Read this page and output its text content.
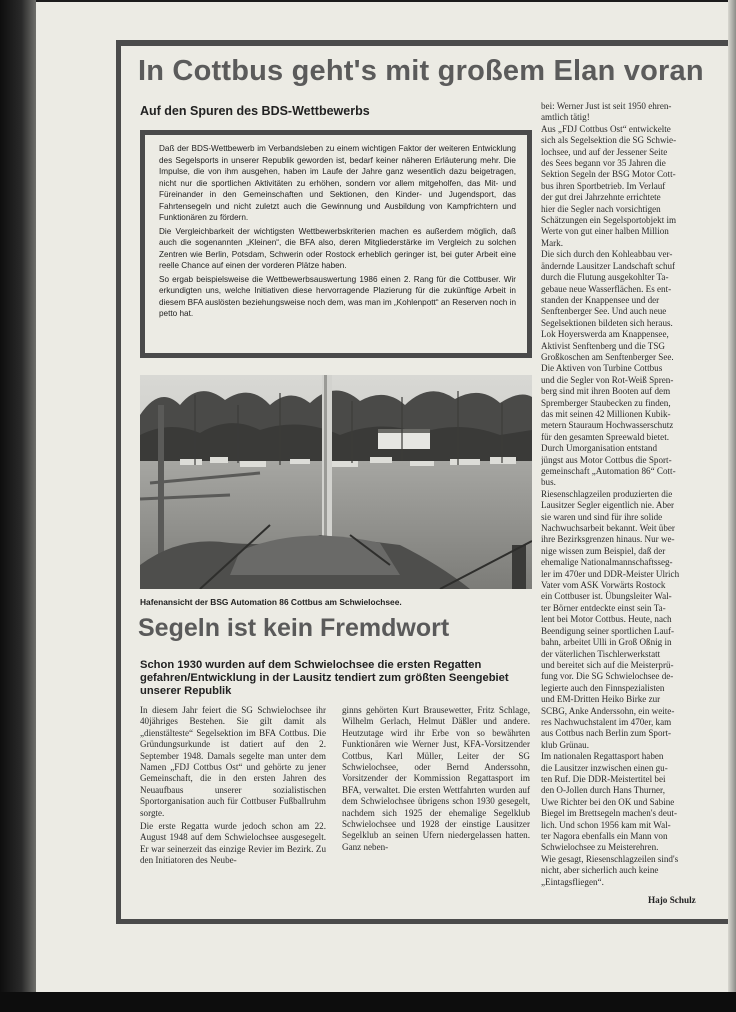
In Cottbus geht's mit großem Elan voran
Auf den Spuren des BDS-Wettbewerbs

Daß der BDS-Wettbewerb im Verbandsleben zu einem wichtigen Faktor der weiteren Entwicklung des Segelsports in unserer Republik geworden ist, bedarf keiner näheren Erläuterung mehr. Die Impulse, die von ihm ausgehen, haben im Laufe der Jahre ganz wesentlich dazu beigetragen, nicht nur die sportlichen Aktivitäten zu erhöhen, sondern vor allem mitgeholfen, das Mit- und Füreinander in den Gemeinschaften und Sektionen, den Kinder- und Jugendsport, das Fahrtensegeln und nicht zuletzt auch die Gewinnung und Ausbildung von Kampfrichtern und Funktionären zu fördern.

Die Vergleichbarkeit der wichtigsten Wettbewerbskriterien machen es außerdem möglich, daß auch die sogenannten „Kleinen“, die BFA also, deren Mitgliederstärke im Vergleich zu solchen Zentren wie Berlin, Potsdam, Schwerin oder Rostock erheblich geringer ist, bei guter Arbeit eine reelle Chance auf einen der vorderen Plätze haben.

So ergab beispielsweise die Wettbewerbsauswertung 1986 einen 2. Rang für die Cottbuser. Wir erkundigten uns, welche Initiativen diese hervorragende Plazierung für die zukünftige Arbeit in diesem BFA auslösten beziehungsweise noch dem, was man im „Kohlenpott“ an Reserven noch in petto hat.

Hafenansicht der BSG Automation 86 Cottbus am Schwielochsee.
Segeln ist kein Fremdwort
Schon 1930 wurden auf dem Schwielochsee die ersten Regatten gefahren/Entwicklung in der Lausitz tendiert zum größten Seengebiet unserer Republik

In diesem Jahr feiert die SG Schwielochsee ihr 40jähriges Bestehen. Sie gilt damit als „dienstälteste“ Segelsektion im BFA Cottbus. Die Gründungsurkunde ist datiert auf den 2. September 1948. Damals segelte man unter dem Namen „FDJ Cottbus Ost“ und gehörte zu jener Gemeinschaft, die in den ersten Jahren des Neuaufbaus unserer sozialistischen Sportorganisation auch für Cottbuser Fußballruhm sorgte.

Die erste Regatta wurde jedoch schon am 22. August 1948 auf dem Schwielochsee ausgesegelt. Er war seinerzeit das einzige Revier im Bezirk. Zu den Initiatoren des Neube-

ginns gehörten Kurt Brausewetter, Fritz Schlage, Wilhelm Gerlach, Helmut Däßler und andere. Heutzutage wird ihr Erbe von so bewährten Funktionären wie Werner Just, KFA-Vorsitzender Cottbus, Karl Müller, Leiter der SG Schwielochsee, oder Bernd Anderssohn, Vorsitzender der Kommission Regattasport im BFA, verwaltet. Die ersten Wettfahrten wurden auf dem Schwielochsee übrigens schon 1930 gesegelt, nachdem sich 1925 der ehemalige Segelklub Schwielochsee und 1928 der einstige Lausitzer Segelklub an seinen Ufern niedergelassen hatten. Ganz neben-

bei: Werner Just ist seit 1950 ehren-
amtlich tätig!
Aus „FDJ Cottbus Ost“ entwickelte
sich als Segelsektion die SG Schwie-
lochsee, und auf der Jessener Seite
des Sees begann vor 35 Jahren die
Sektion Segeln der BSG Motor Cott-
bus ihren Sportbetrieb. Im Verlauf
der gut drei Jahrzehnte errichtete
hier die Segler nach vorsichtigen
Schätzungen ein Segelsportobjekt im
Werte von gut einer halben Million
Mark.
Die sich durch den Kohleabbau ver-
ändernde Lausitzer Landschaft schuf
durch die Flutung ausgekohlter Ta-
gebaue neue Wasserflächen. Es ent-
standen der Knappensee und der
Senftenberger See. Und auch neue
Segelsektionen bildeten sich heraus.
Lok Hoyerswerda am Knappensee,
Aktivist Senftenberg und die TSG
Großkoschen am Senftenberger See.
Die Aktiven von Turbine Cottbus
und die Segler von Rot-Weiß Spren-
berg sind mit ihren Booten auf dem
Spremberger Staubecken zu finden,
das mit seinen 42 Millionen Kubik-
metern Stauraum Hochwasserschutz
für den gesamten Spreewald bietet.
Durch Umorganisation entstand
jüngst aus Motor Cottbus die Sport-
gemeinschaft „Automation 86“ Cott-
bus.
Riesenschlagzeilen produzierten die
Lausitzer Segler eigentlich nie. Aber
sie waren und sind für ihre solide
Nachwuchsarbeit bekannt. Weit über
ihre Bezirksgrenzen hinaus. Nur we-
nige wissen zum Beispiel, daß der
ehemalige Nationalmannschaftsseg-
ler im 470er und DDR-Meister Ulrich
Vater vom ASK Vorwärts Rostock
ein Cottbuser ist. Übungsleiter Wal-
ter Börner entdeckte einst sein Ta-
lent bei Motor Cottbus. Heute, nach
Beendigung seiner sportlichen Lauf-
bahn, arbeitet Ulli in Groß Oßnig in
der väterlichen Tischlerwerkstatt
und bereitet sich auf die Meisterprü-
fung vor. Die SG Schwielochsee de-
legierte auch den Finnspezialisten
und EM-Dritten Heiko Birke zur
SCBG, Anke Anderssohn, ein weite-
res Nachwuchstalent im 470er, kam
aus Cottbus nach Berlin zum Sport-
klub Grünau.
Im nationalen Regattasport haben
die Lausitzer inzwischen einen gu-
ten Ruf. Die DDR-Meistertitel bei
den O-Jollen durch Hans Thurner,
Uwe Richter bei den OK und Sabine
Biegel im Brettsegeln machen's deut-
lich. Und schon 1956 kam mit Wal-
ter Nagora ebenfalls ein Mann von
Schwielochsee zu Meisterehren.
Wie gesagt, Riesenschlagzeilen sind's
nicht, aber sicherlich auch keine
„Eintagsfliegen“.
Hajo Schulz
